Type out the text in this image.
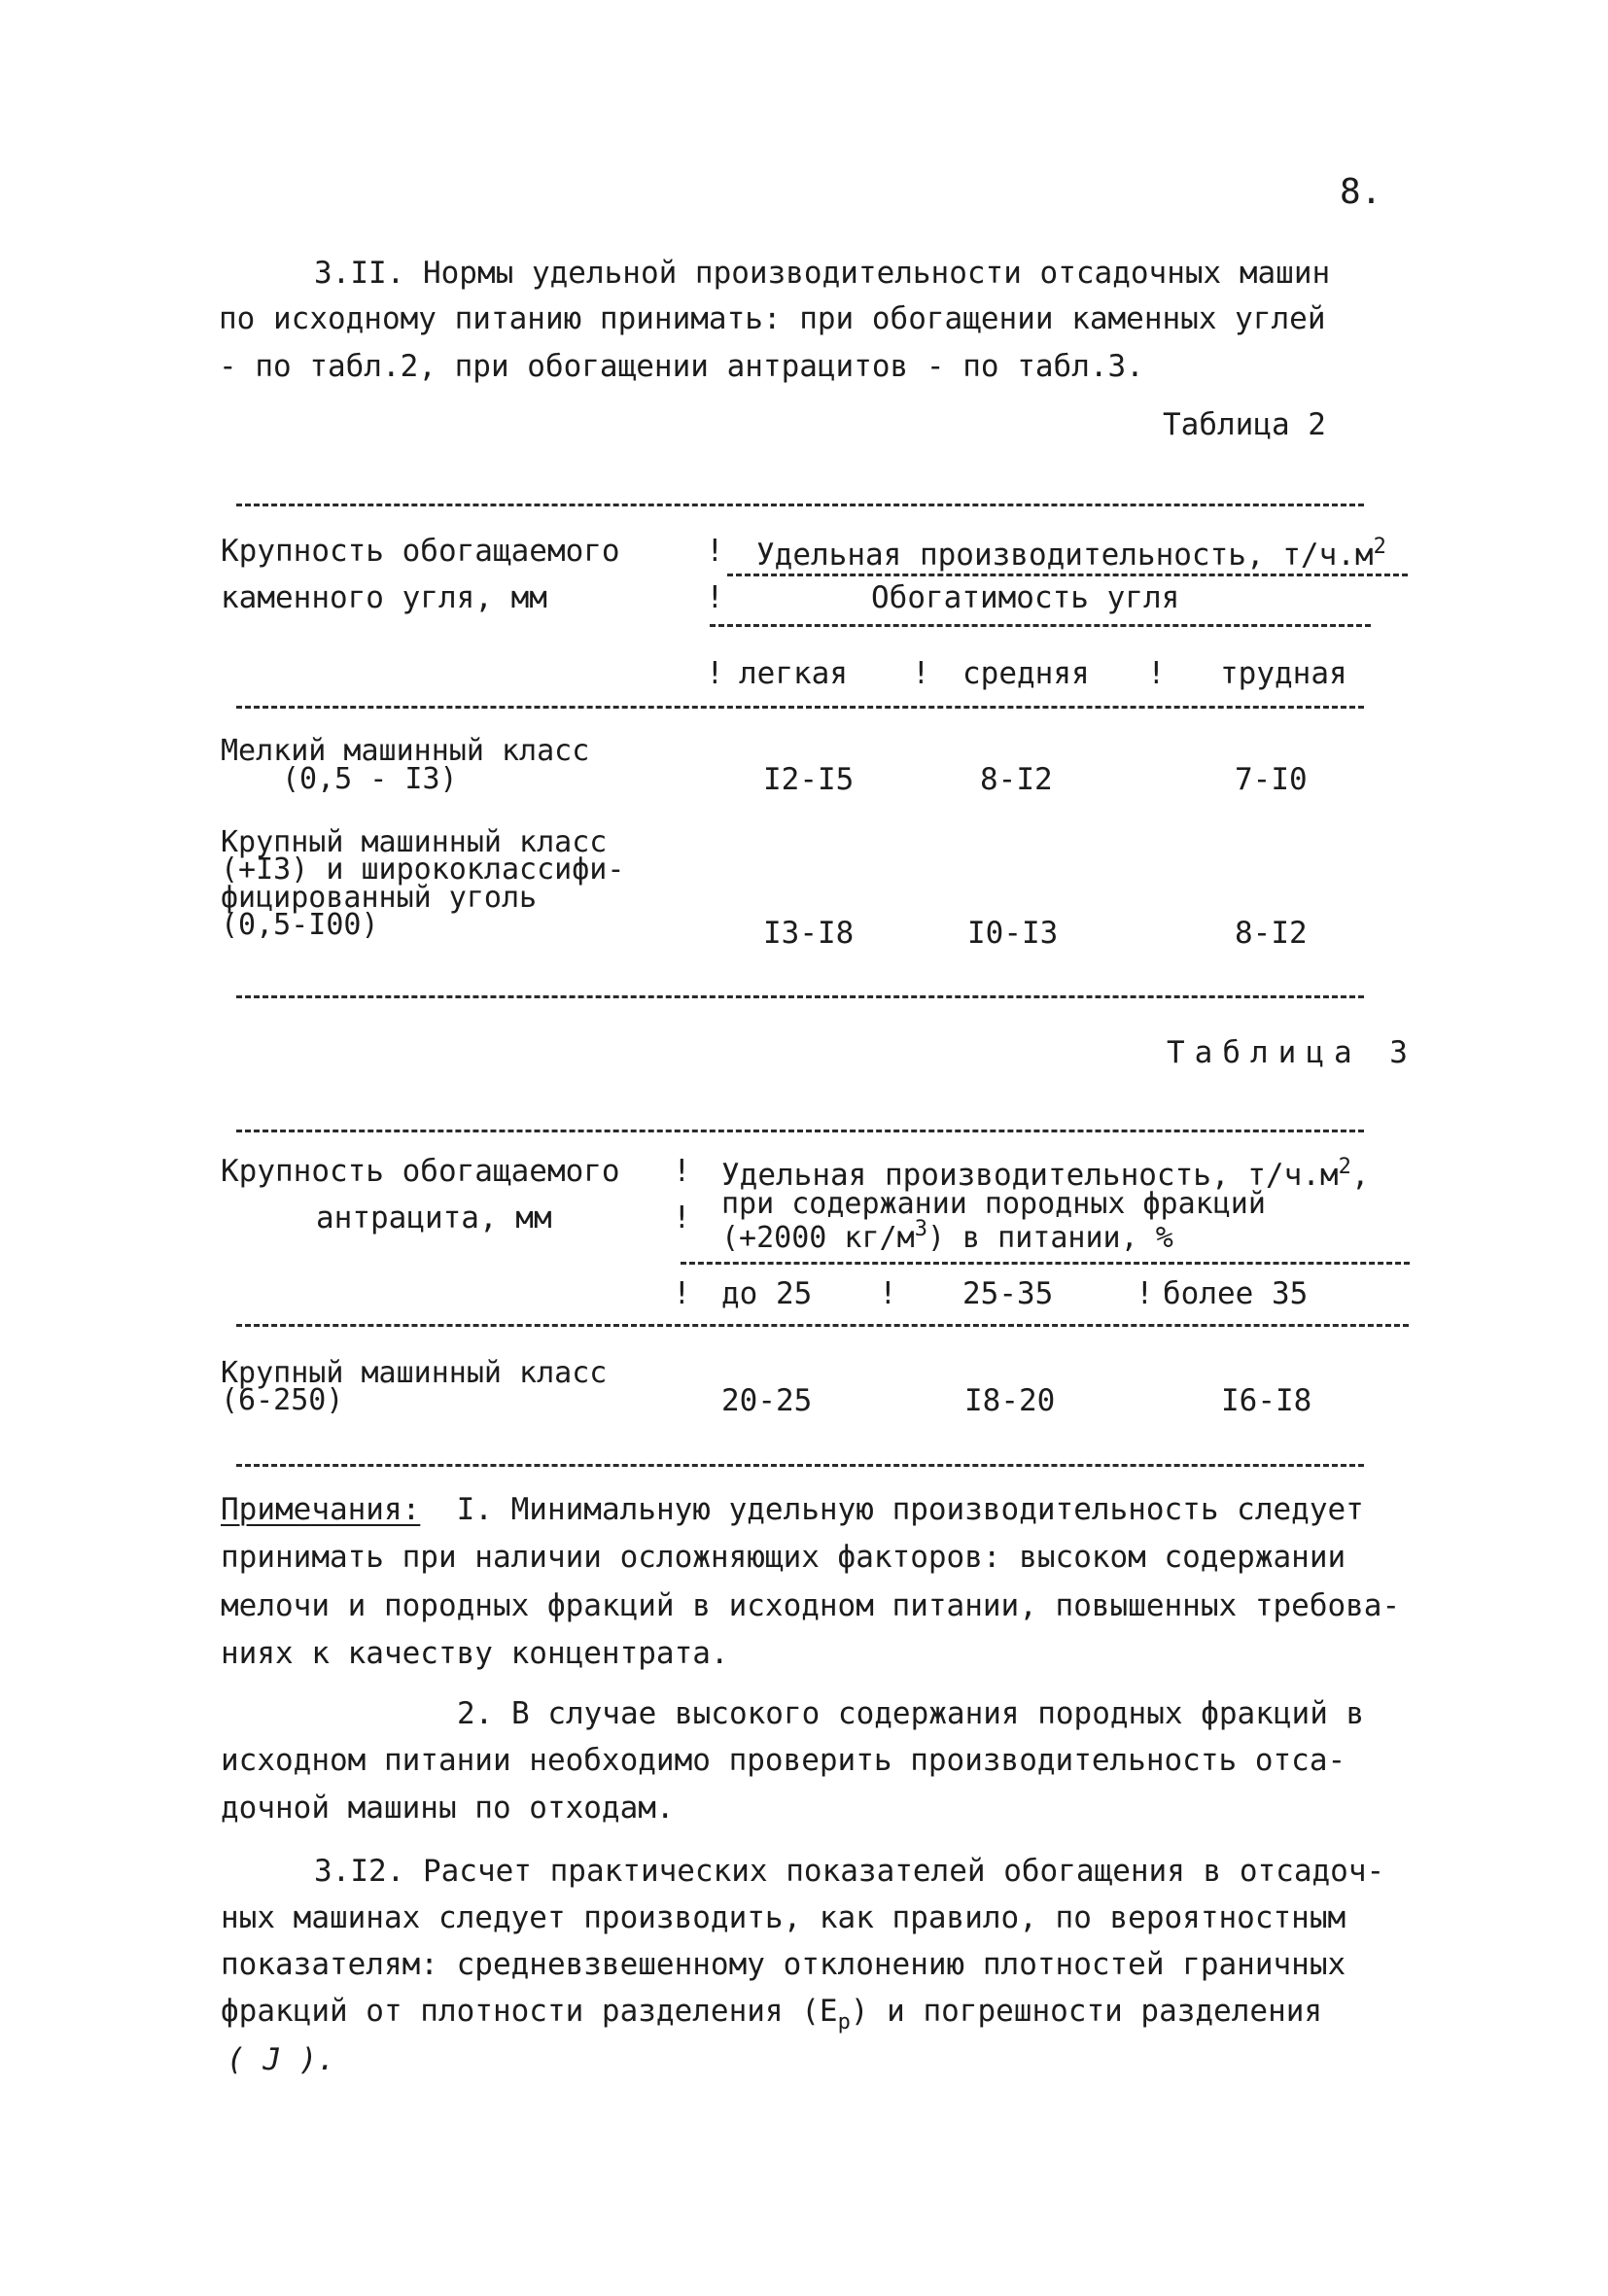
8.
3.II. Нормы удельной производительности отсадочных машин
по исходному питанию принимать: при обогащении каменных углей
- по табл.2, при обогащении антрацитов - по табл.3.
Таблица 2
Крупность обогащаемого
каменного угля, мм
!
!
Удельная производительность, $т/ч.м^2$
Обогатимость угля
! легкая ! средняя ! трудная
Мелкий машинный класс
(0,5 - I3)	I2-I5	8-I2	7-I0
Крупный машинный класс
(+I3) и ширококлассифи-
фицированный уголь
(0,5-I00)	I3-I8	I0-I3	8-I2
Таблица 3
Крупность обогащаемого
антрацита, мм
!
!
Удельная производительность, $т/ч.м^2$,
при содержании породных фракций
(+2000 $кг/м^3$) в питании, %
! до 25 ! 25-35	! более 35
Крупный машинный класс
(6-250)	20-25	I8-20	I6-I8
Примечания: I. Минимальную удельную производительность следует
принимать при наличии осложняющих факторов: высоком содержании
мелочи и породных фракций в исходном питании, повышенных требова-
ниях к качеству концентрата.
2. В случае высокого содержания породных фракций в
исходном питании необходимо проверить производительность отса-
дочной машины по отходам.
3.I2. Расчет практических показателей обогащения в отсадоч-
ных машинах следует производить, как правило, по вероятностным
показателям: средневзвешенному отклонению плотностей граничных
фракций от плотности разделения $(E_p)$ и погрешности разделения
( J ).
